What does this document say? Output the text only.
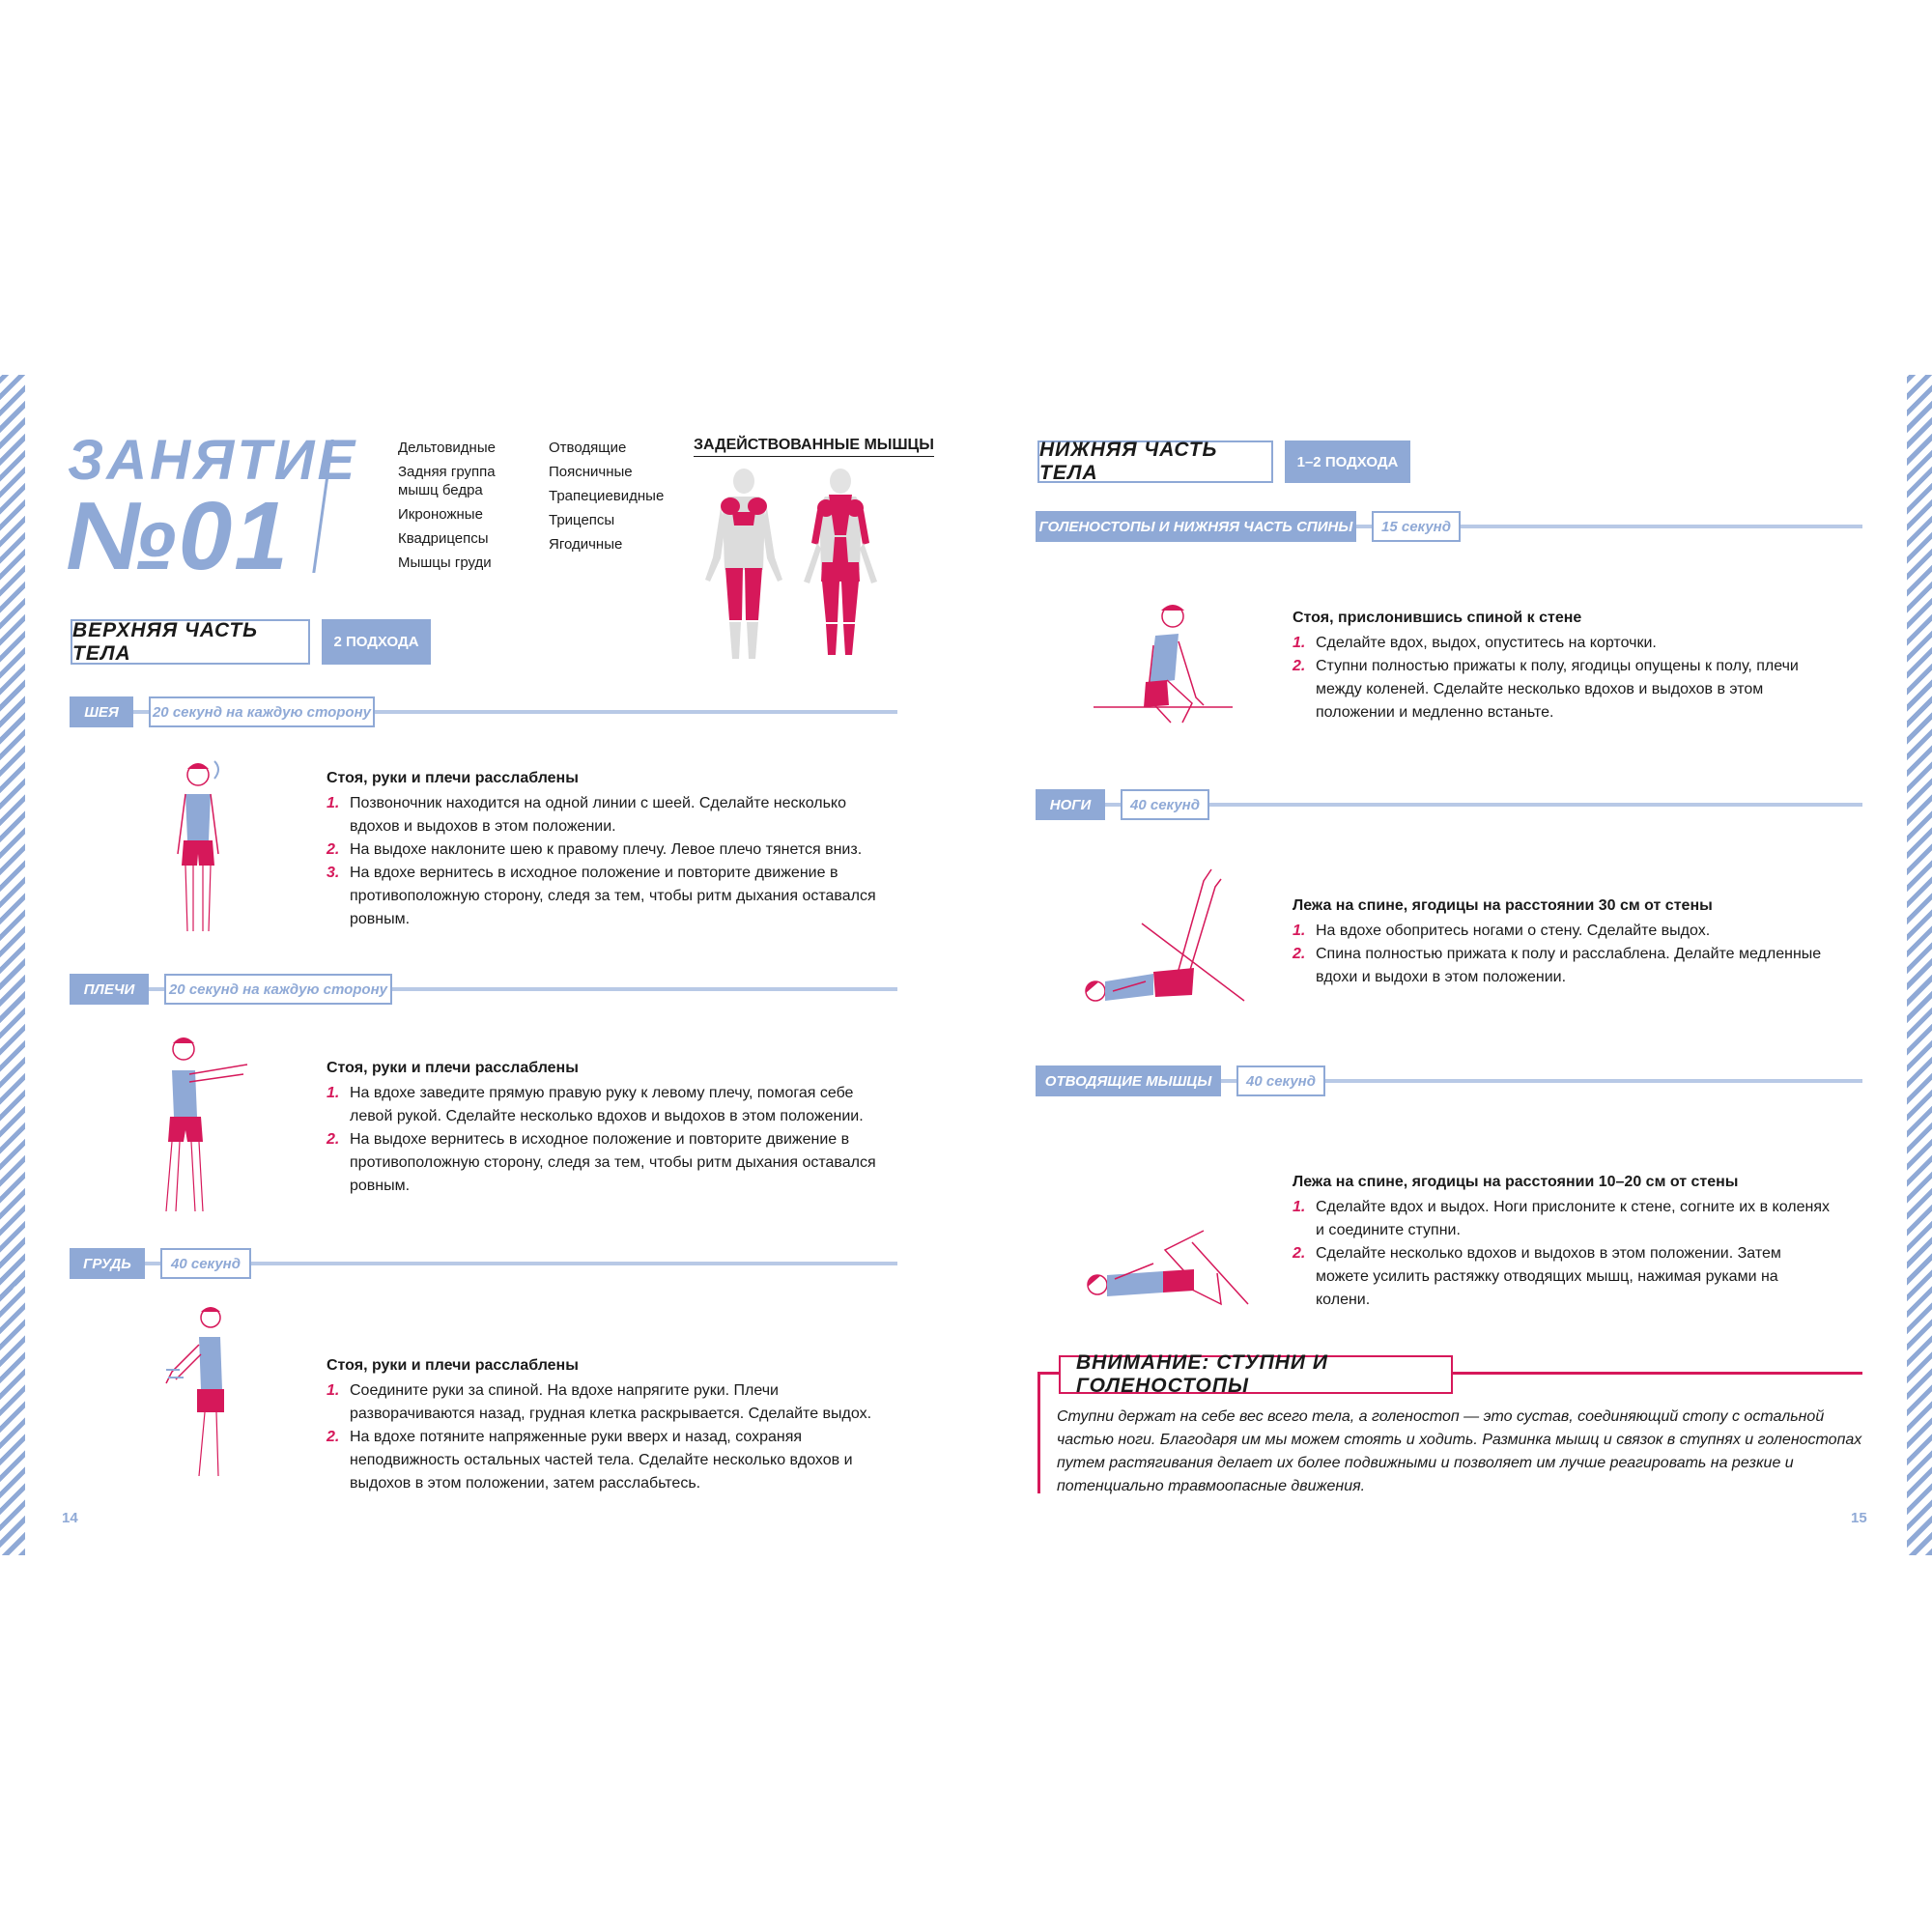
ЗАНЯТИЕ
№01
Дельтовидные
Задняя группа мышц бедра
Икроножные
Квадрицепсы
Мышцы груди
Отводящие
Поясничные
Трапециевидные
Трицепсы
Ягодичные
ЗАДЕЙСТВОВАННЫЕ МЫШЦЫ
ВЕРХНЯЯ ЧАСТЬ ТЕЛА	2 ПОДХОДА
ШЕЯ	20 секунд на каждую сторону
Стоя, руки и плечи расслаблены
1. Позвоночник находится на одной линии с шеей. Сделайте несколько вдохов и выдохов в этом положении.
2. На выдохе наклоните шею к правому плечу. Левое плечо тянется вниз.
3. На вдохе вернитесь в исходное положение и повторите движение в противоположную сторону, следя за тем, чтобы ритм дыхания оставался ровным.
ПЛЕЧИ	20 секунд на каждую сторону
Стоя, руки и плечи расслаблены
1. На вдохе заведите прямую правую руку к левому плечу, помогая себе левой рукой. Сделайте несколько вдохов и выдохов в этом положении.
2. На выдохе вернитесь в исходное положение и повторите движение в противоположную сторону, следя за тем, чтобы ритм дыхания оставался ровным.
ГРУДЬ	40 секунд
Стоя, руки и плечи расслаблены
1. Соедините руки за спиной. На вдохе напрягите руки. Плечи разворачиваются назад, грудная клетка раскрывается. Сделайте выдох.
2. На вдохе потяните напряженные руки вверх и назад, сохраняя неподвижность остальных частей тела. Сделайте несколько вдохов и выдохов в этом положении, затем расслабьтесь.
14
НИЖНЯЯ ЧАСТЬ ТЕЛА	1–2 ПОДХОДА
ГОЛЕНОСТОПЫ И НИЖНЯЯ ЧАСТЬ СПИНЫ	15 секунд
Стоя, прислонившись спиной к стене
1. Сделайте вдох, выдох, опуститесь на корточки.
2. Ступни полностью прижаты к полу, ягодицы опущены к полу, плечи между коленей. Сделайте несколько вдохов и выдохов в этом положении и медленно встаньте.
НОГИ	40 секунд
Лежа на спине, ягодицы на расстоянии 30 см от стены
1. На вдохе обопритесь ногами о стену. Сделайте выдох.
2. Спина полностью прижата к полу и расслаблена. Делайте медленные вдохи и выдохи в этом положении.
ОТВОДЯЩИЕ МЫШЦЫ	40 секунд
Лежа на спине, ягодицы на расстоянии 10–20 см от стены
1. Сделайте вдох и выдох. Ноги прислоните к стене, согните их в коленях и соедините ступни.
2. Сделайте несколько вдохов и выдохов в этом положении. Затем можете усилить растяжку отводящих мышц, нажимая руками на колени.
ВНИМАНИЕ: СТУПНИ И ГОЛЕНОСТОПЫ
Ступни держат на себе вес всего тела, а голеностоп — это сустав, соединяющий стопу с остальной частью ноги. Благодаря им мы можем стоять и ходить. Разминка мышц и связок в ступнях и голеностопах путем растягивания делает их более подвижными и позволяет им лучше реагировать на резкие и потенциально травмоопасные движения.
15
